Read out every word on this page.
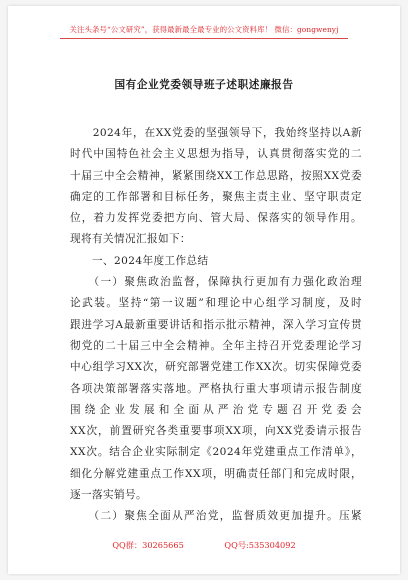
关注头条号“公文研究”，获得最新最全最专业的公文资料库！ 微信：gongwenyj
国有企业党委领导班子述职述廉报告
　　2024年，在XX党委的坚强领导下，我始终坚持以A新
时代中国特色社会主义思想为指导，认真贯彻落实党的二
十届三中全会精神，紧紧围绕XX工作总思路，按照XX党委
确定的工作部署和目标任务，聚焦主责主业、坚守职责定
位，着力发挥党委把方向、管大局、保落实的领导作用。
现将有关情况汇报如下：
　　一、2024年度工作总结
　　（一）聚焦政治监督，保障执行更加有力强化政治理
论武装。坚持“第一议题”和理论中心组学习制度，及时
跟进学习A最新重要讲话和指示批示精神，深入学习宣传贯
彻党的二十届三中全会精神。全年主持召开党委理论学习
中心组学习XX次，研究部署党建工作XX次。切实保障党委
各项决策部署落实落地。严格执行重大事项请示报告制度
围绕企业发展和全面从严治党专题召开党委会
XX次，前置研究各类重要事项XX项，向XX党委请示报告
XX次。结合企业实际制定《2024年党建重点工作清单》，
细化分解党建重点工作XX项，明确责任部门和完成时限，
逐一落实销号。
　　（二）聚焦全面从严治党，监督质效更加提升。压紧
QQ群：30265665	QQ号:535304092
